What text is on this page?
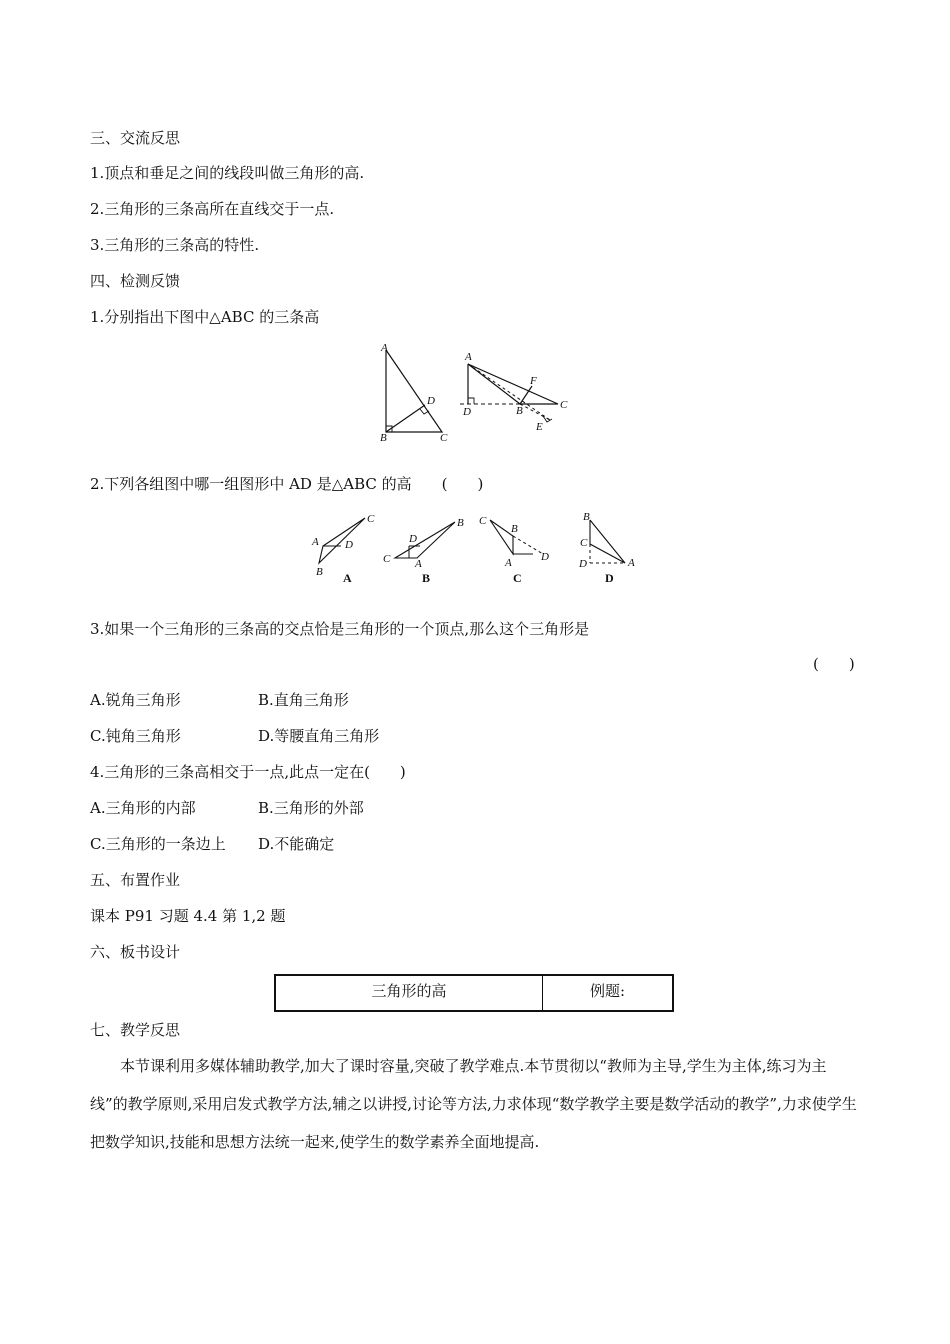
三、交流反思
1.顶点和垂足之间的线段叫做三角形的高.
2.三角形的三条高所在直线交于一点.
3.三角形的三条高的特性.
四、检测反馈
1.分别指出下图中△ABC 的三条高
A
D
B	C
A
F
D	B	C
E
2.下列各组图中哪一组图形中 AD 是△ABC 的高　　(　　)
C
A D
B A
B
D
C A
B
C
B
A	D
C
B
C
D	A
D
3.如果一个三角形的三条高的交点恰是三角形的一个顶点,那么这个三角形是
(　　)
A.锐角三角形	B.直角三角形
C.钝角三角形	D.等腰直角三角形
4.三角形的三条高相交于一点,此点一定在(　　)
A.三角形的内部	B.三角形的外部
C.三角形的一条边上 D.不能确定
五、布置作业
课本 P91 习题 4.4 第 1,2 题
六、板书设计
三角形的高	例题:
七、教学反思
本节课利用多媒体辅助教学,加大了课时容量,突破了教学难点.本节贯彻以“教师为主导,学生为主体,练习为主线”的教学原则,采用启发式教学方法,辅之以讲授,讨论等方法,力求体现“数学教学主要是数学活动的教学”,力求使学生把数学知识,技能和思想方法统一起来,使学生的数学素养全面地提高.
